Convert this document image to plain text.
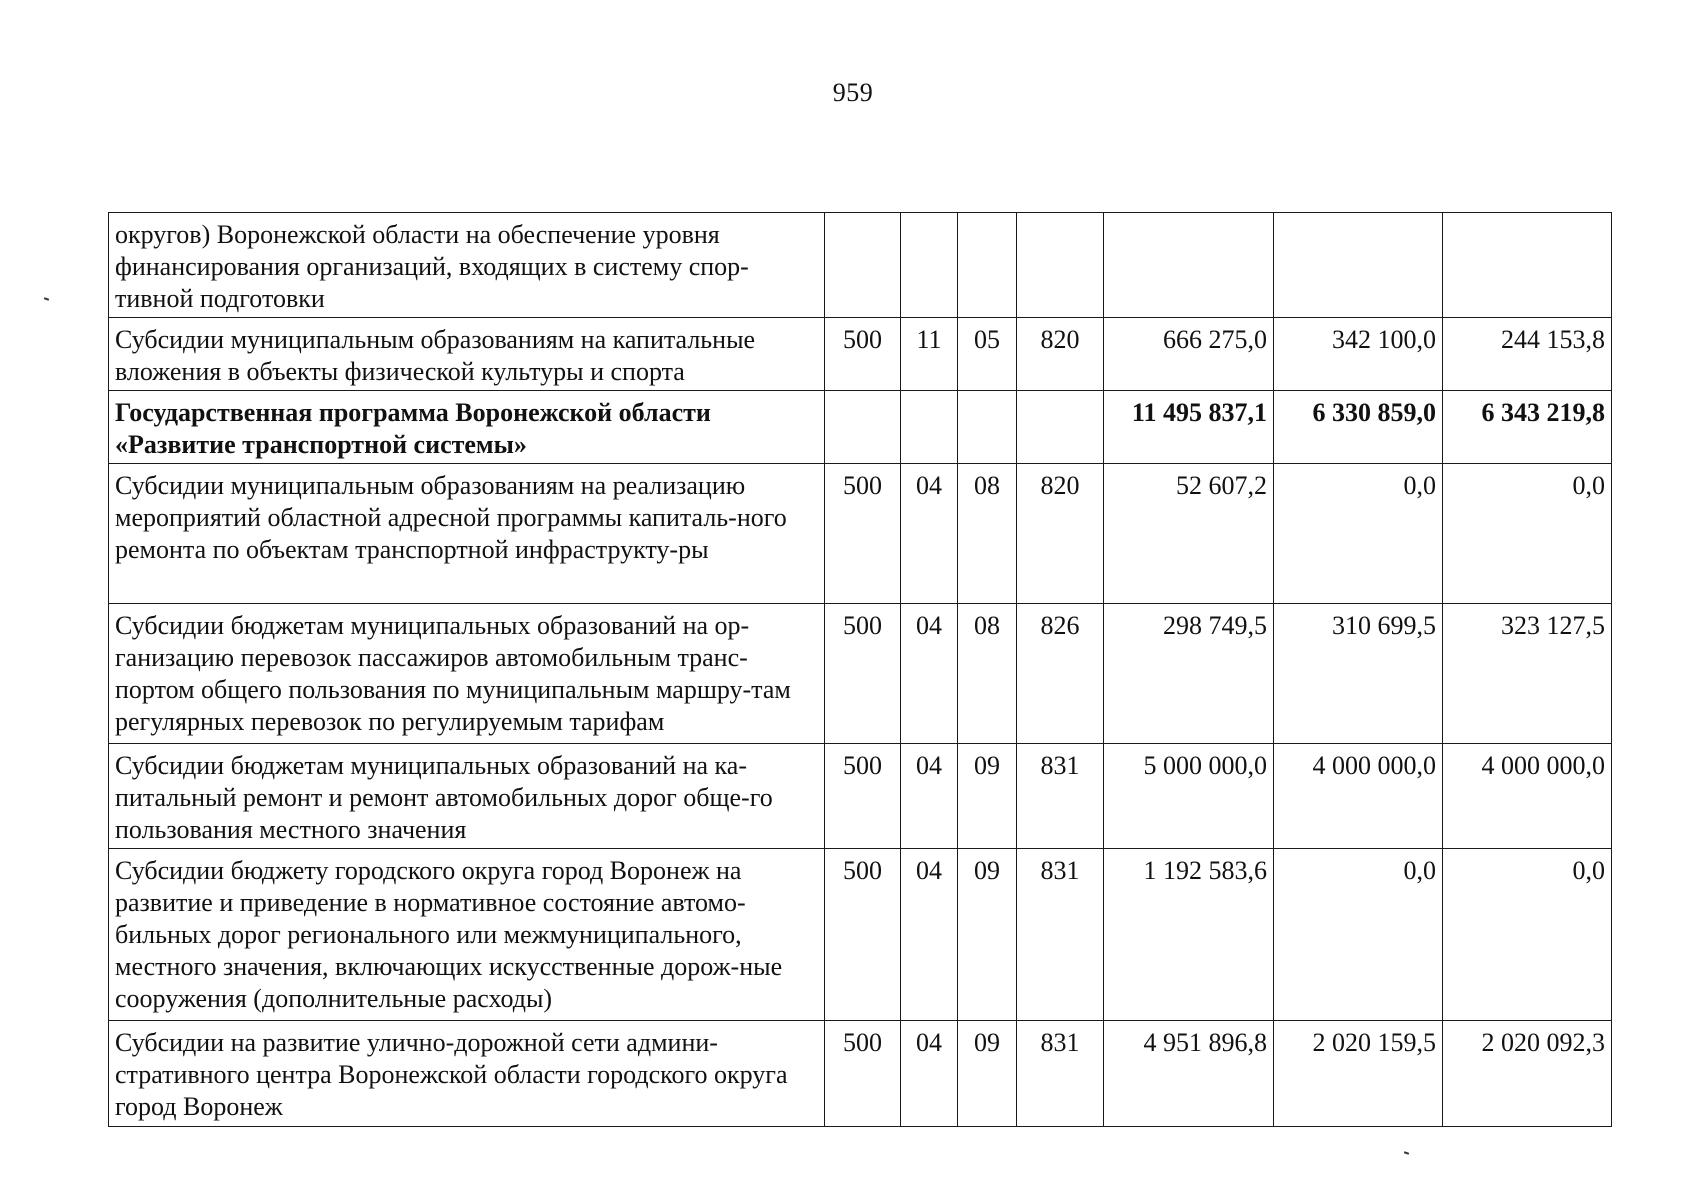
959
округов) Воронежской области на обеспечение уровня финансирования организаций, входящих в систему спор-тивной подготовки							
Субсидии муниципальным образованиям на капитальные вложения в объекты физической культуры и спорта	500	11	05	820	666 275,0	342 100,0	244 153,8
Государственная программа Воронежской области «Развитие транспортной системы»					11 495 837,1	6 330 859,0	6 343 219,8
Субсидии муниципальным образованиям на реализацию мероприятий областной адресной программы капиталь-ного ремонта по объектам транспортной инфраструкту-ры	500	04	08	820	52 607,2	0,0	0,0
Субсидии бюджетам муниципальных образований на ор-ганизацию перевозок пассажиров автомобильным транс-портом общего пользования по муниципальным маршру-там регулярных перевозок по регулируемым тарифам	500	04	08	826	298 749,5	310 699,5	323 127,5
Субсидии бюджетам муниципальных образований на ка-питальный ремонт и ремонт автомобильных дорог обще-го пользования местного значения	500	04	09	831	5 000 000,0	4 000 000,0	4 000 000,0
Субсидии бюджету городского округа город Воронеж на развитие и приведение в нормативное состояние автомо-бильных дорог регионального или межмуниципального, местного значения, включающих искусственные дорож-ные сооружения (дополнительные расходы)	500	04	09	831	1 192 583,6	0,0	0,0
Субсидии на развитие улично-дорожной сети админи-стративного центра Воронежской области городского округа город Воронеж	500	04	09	831	4 951 896,8	2 020 159,5	2 020 092,3
